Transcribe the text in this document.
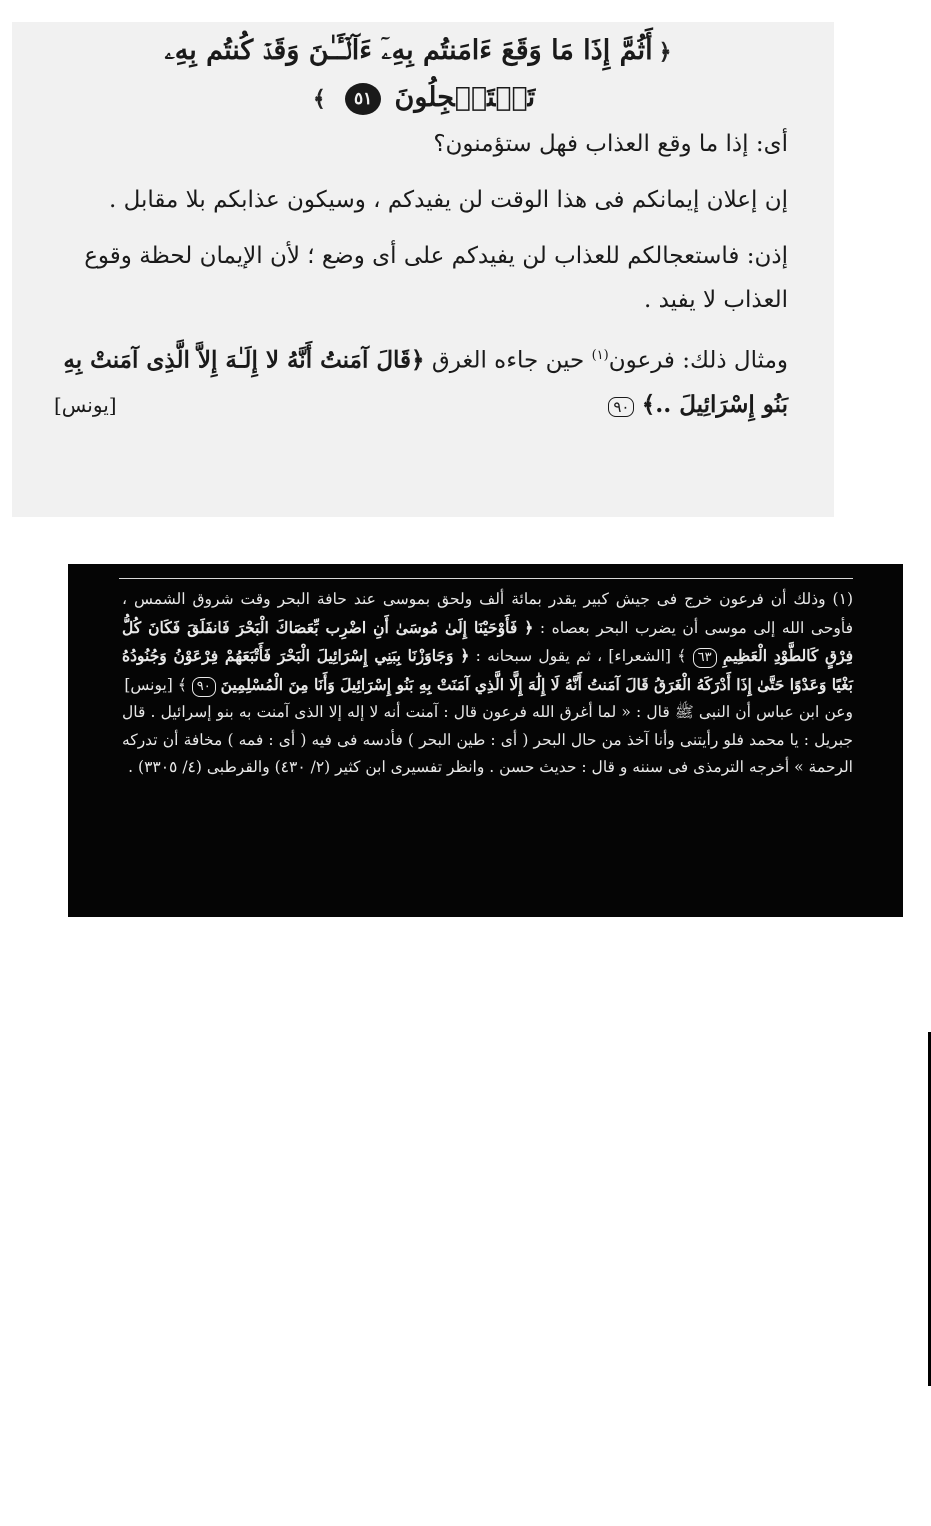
﴿أَثُمَّ إِذَا مَا وَقَعَ ءَامَنتُم بِهِۦٓ ءَآلۡـَٔـٰنَ وَقَدۡ كُنتُم بِهِۦ
تَسۡتَعۡجِلُونَ ٥١ ﴾

أى: إذا ما وقع العذاب فهل ستؤمنون؟

إن إعلان إيمانكم فى هذا الوقت لن يفيدكم ، وسيكون عذابكم بلا مقابل .

إذن: فاستعجالكم للعذاب لن يفيدكم على أى وضع ؛ لأن الإيمان لحظة وقوع العذاب لا يفيد .

ومثال ذلك: فرعون$^{(١)}$ حين جاءه الغرق ﴿قَالَ آمَنتُ أَنَّهُ لا إِلَـٰهَ إِلاَّ الَّذِى آمَنتْ بِهِ بَنُو إِسْرَائِيلَ ..﴾ ٩٠
[يونس]

(١) وذلك أن فرعون خرج فى جيش كبير يقدر بمائة ألف ولحق بموسى عند حافة البحر وقت شروق الشمس ، فأوحى الله إلى موسى أن يضرب البحر بعصاه : ﴿ فَأَوْحَيْنَا إِلَىٰ مُوسَىٰ أَنِ اضْرِب بِّعَصَاكَ الْبَحْرَ فَانفَلَقَ فَكَانَ كُلُّ فِرْقٍ كَالطَّوْدِ الْعَظِيمِ ٦٣ ﴾ [الشعراء] ، ثم يقول سبحانه : ﴿ وَجَاوَزْنَا بِبَنِي إِسْرَائِيلَ الْبَحْرَ فَأَتْبَعَهُمْ فِرْعَوْنُ وَجُنُودُهُ بَغْيًا وَعَدْوًا حَتَّىٰ إِذَا أَدْرَكَهُ الْغَرَقُ قَالَ آمَنتُ أَنَّهُ لَا إِلَٰهَ إِلَّا الَّذِي آمَنَتْ بِهِ بَنُو إِسْرَائِيلَ وَأَنَا مِنَ الْمُسْلِمِينَ ٩٠ ﴾ [يونس]

وعن ابن عباس أن النبى ﷺ قال : « لما أغرق الله فرعون قال : آمنت أنه لا إله إلا الذى آمنت به بنو إسرائيل . قال جبريل : يا محمد فلو رأيتنى وأنا آخذ من حال البحر ( أى : طين البحر ) فأدسه فى فيه ( أى : فمه ) مخافة أن تدركه الرحمة » أخرجه الترمذى فى سننه و قال : حديث حسن . وانظر تفسيرى ابن كثير (٢/ ٤٣٠) والقرطبى (٤/ ٣٣٠٥) .
